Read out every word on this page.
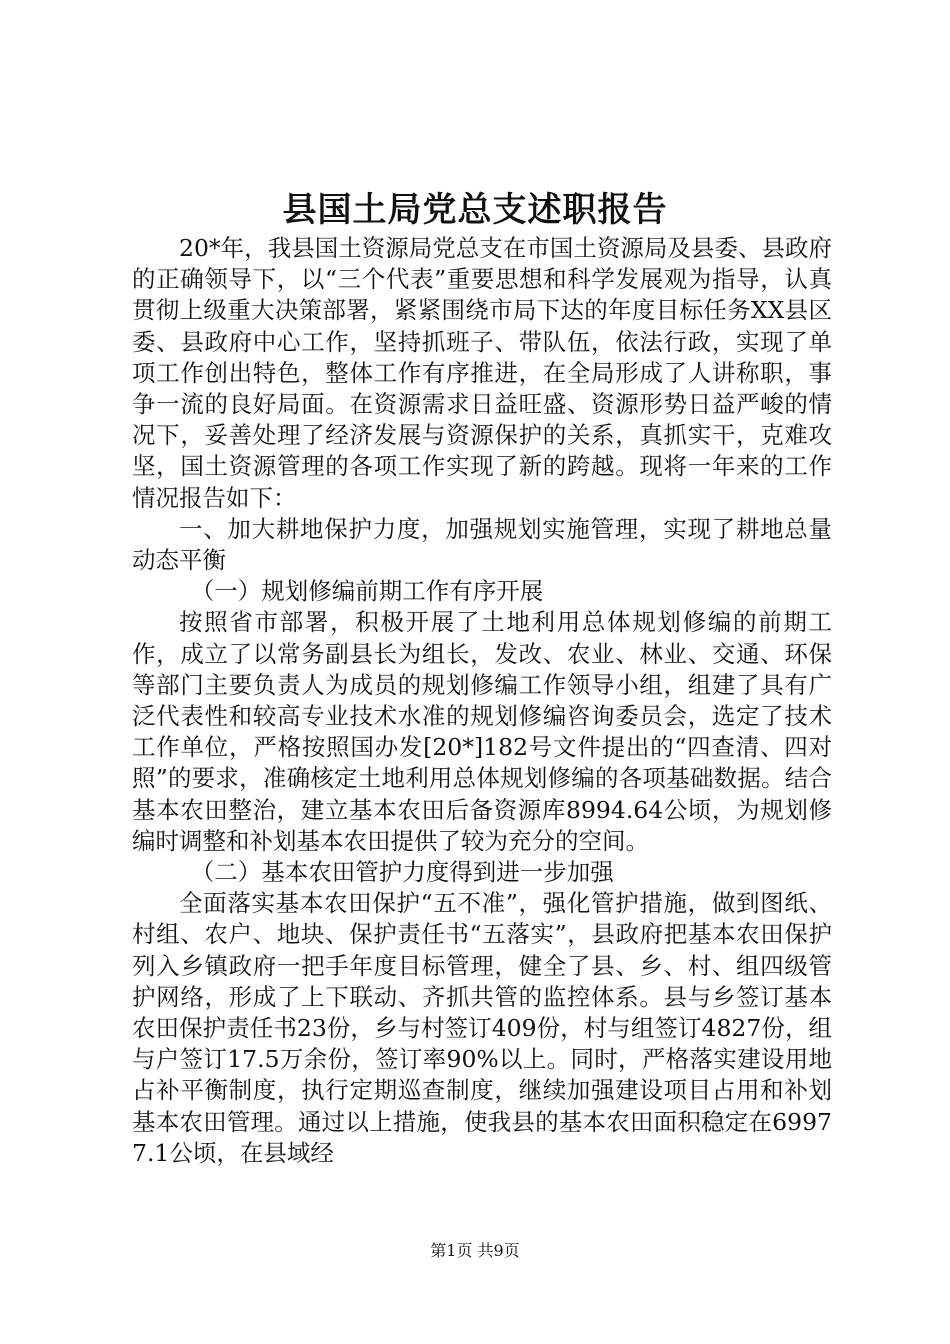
县国土局党总支述职报告

20*年，我县国土资源局党总支在市国土资源局及县委、县政府的正确领导下，以“三个代表”重要思想和科学发展观为指导，认真贯彻上级重大决策部署，紧紧围绕市局下达的年度目标任务XX县区委、县政府中心工作，坚持抓班子、带队伍，依法行政，实现了单项工作创出特色，整体工作有序推进，在全局形成了人讲称职，事争一流的良好局面。在资源需求日益旺盛、资源形势日益严峻的情况下，妥善处理了经济发展与资源保护的关系，真抓实干，克难攻坚，国土资源管理的各项工作实现了新的跨越。现将一年来的工作情况报告如下：

一、加大耕地保护力度，加强规划实施管理，实现了耕地总量动态平衡

（一）规划修编前期工作有序开展

按照省市部署，积极开展了土地利用总体规划修编的前期工作，成立了以常务副县长为组长，发改、农业、林业、交通、环保等部门主要负责人为成员的规划修编工作领导小组，组建了具有广泛代表性和较高专业技术水准的规划修编咨询委员会，选定了技术工作单位，严格按照国办发[20*]182号文件提出的“四查清、四对照”的要求，准确核定土地利用总体规划修编的各项基础数据。结合基本农田整治，建立基本农田后备资源库8994.64公顷，为规划修编时调整和补划基本农田提供了较为充分的空间。

（二）基本农田管护力度得到进一步加强

全面落实基本农田保护“五不准”，强化管护措施，做到图纸、村组、农户、地块、保护责任书“五落实”，县政府把基本农田保护列入乡镇政府一把手年度目标管理，健全了县、乡、村、组四级管护网络，形成了上下联动、齐抓共管的监控体系。县与乡签订基本农田保护责任书23份，乡与村签订409份，村与组签订4827份，组与户签订17.5万余份，签订率90%以上。同时，严格落实建设用地占补平衡制度，执行定期巡查制度，继续加强建设项目占用和补划基本农田管理。通过以上措施，使我县的基本农田面积稳定在69977.1公顷，在县域经

第1页 共9页
